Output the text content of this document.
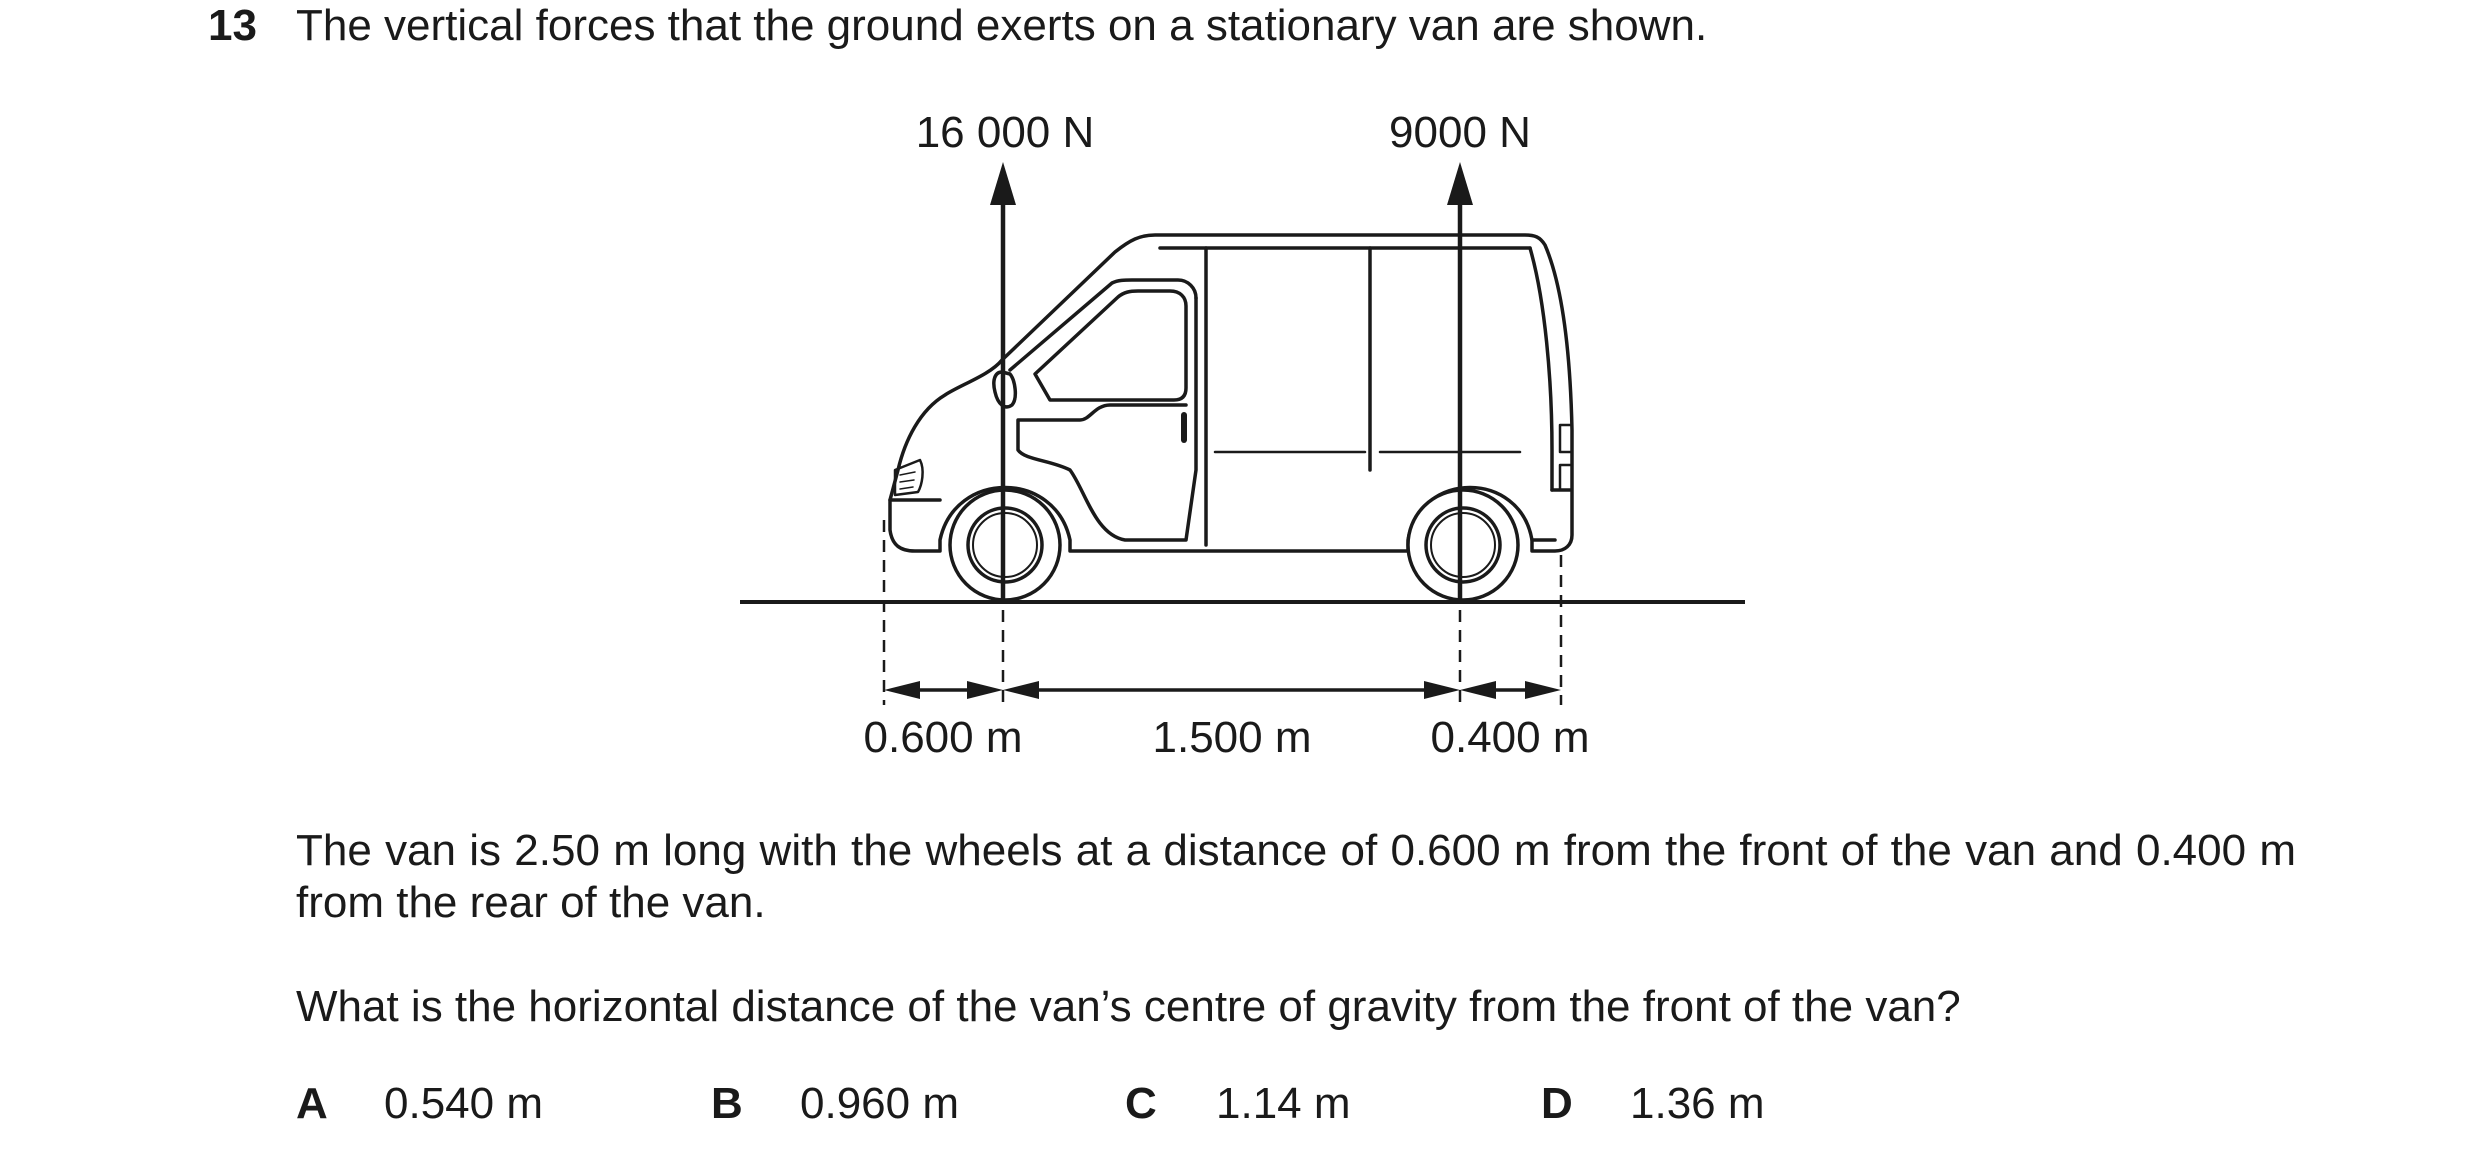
13 The vertical forces that the ground exerts on a stationary van are shown.
16 000 N	9000 N
0.600 m	1.500 m	0.400 m
The van is 2.50 m long with the wheels at a distance of 0.600 m from the front of the van and 0.400 m from the rear of the van.
What is the horizontal distance of the van’s centre of gravity from the front of the van?
A 0.540 m	B 0.960 m	C 1.14 m	D 1.36 m
